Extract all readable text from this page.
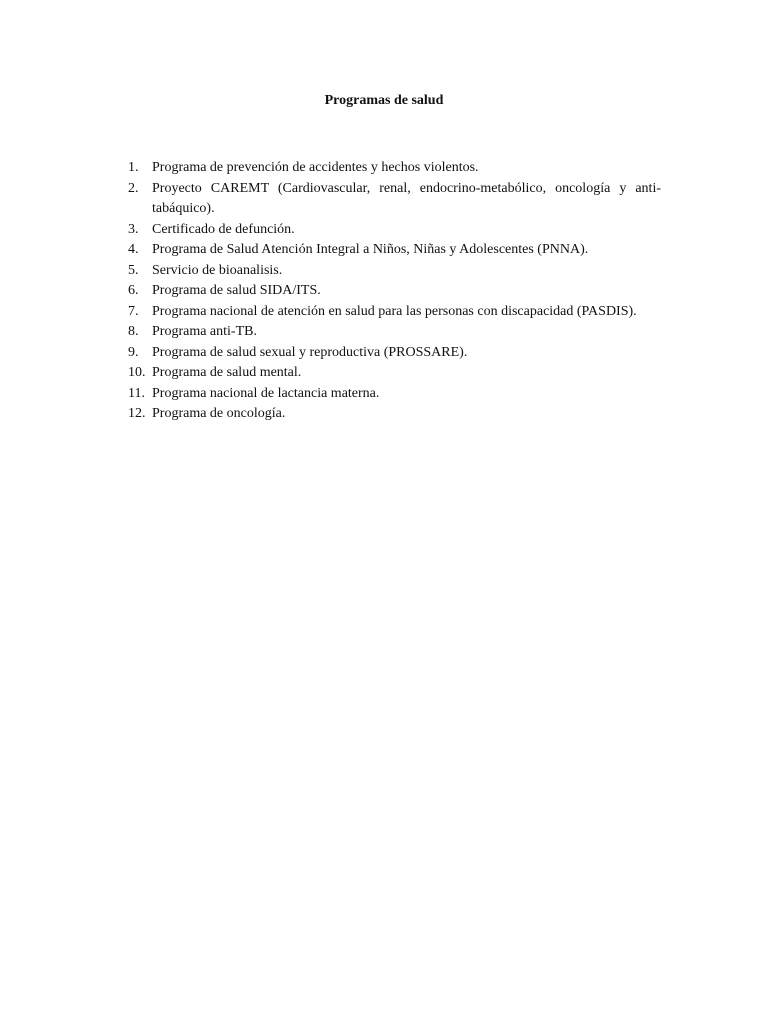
Programas de salud
1. Programa de prevención de accidentes y hechos violentos.
2. Proyecto CAREMT (Cardiovascular, renal, endocrino-metabólico, oncología y anti-tabáquico).
3. Certificado de defunción.
4. Programa de Salud Atención Integral a Niños, Niñas y Adolescentes (PNNA).
5. Servicio de bioanalisis.
6. Programa de salud SIDA/ITS.
7. Programa nacional de atención en salud para las personas con discapacidad (PASDIS).
8. Programa anti-TB.
9. Programa de salud sexual y reproductiva (PROSSARE).
10. Programa de salud mental.
11. Programa nacional de lactancia materna.
12. Programa de oncología.
